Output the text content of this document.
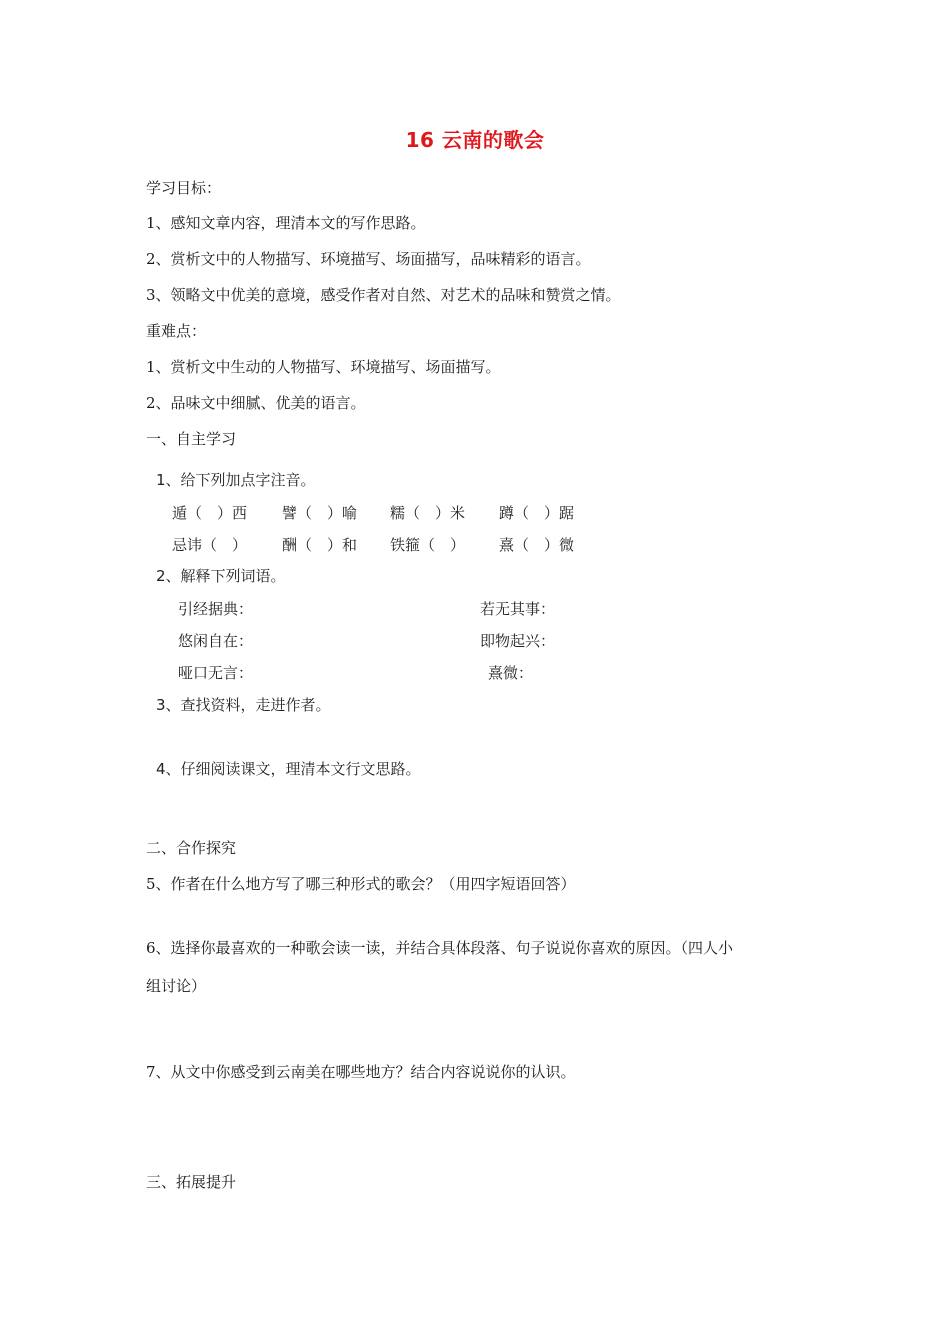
16 云南的歌会
学习目标：
1、感知文章内容，理清本文的写作思路。
2、赏析文中的人物描写、环境描写、场面描写，品味精彩的语言。
3、领略文中优美的意境，感受作者对自然、对艺术的品味和赞赏之情。
重难点：
1、赏析文中生动的人物描写、环境描写、场面描写。
2、品味文中细腻、优美的语言。
一、自主学习
1、给下列加点字注音。
遁（　）西 譬（　）喻 糯（　）米 蹲（　）踞
忌讳（　） 酬（　）和 铁箍（　） 熹（　）微
2、解释下列词语。
引经据典：
悠闲自在：
哑口无言：
若无其事：
即物起兴：
熹微：
3、查找资料，走进作者。
4、仔细阅读课文，理清本文行文思路。
二、合作探究
5、作者在什么地方写了哪三种形式的歌会？（用四字短语回答）
6、选择你最喜欢的一种歌会读一读，并结合具体段落、句子说说你喜欢的原因。（四人小
组讨论）
7、从文中你感受到云南美在哪些地方？结合内容说说你的认识。
三、拓展提升
